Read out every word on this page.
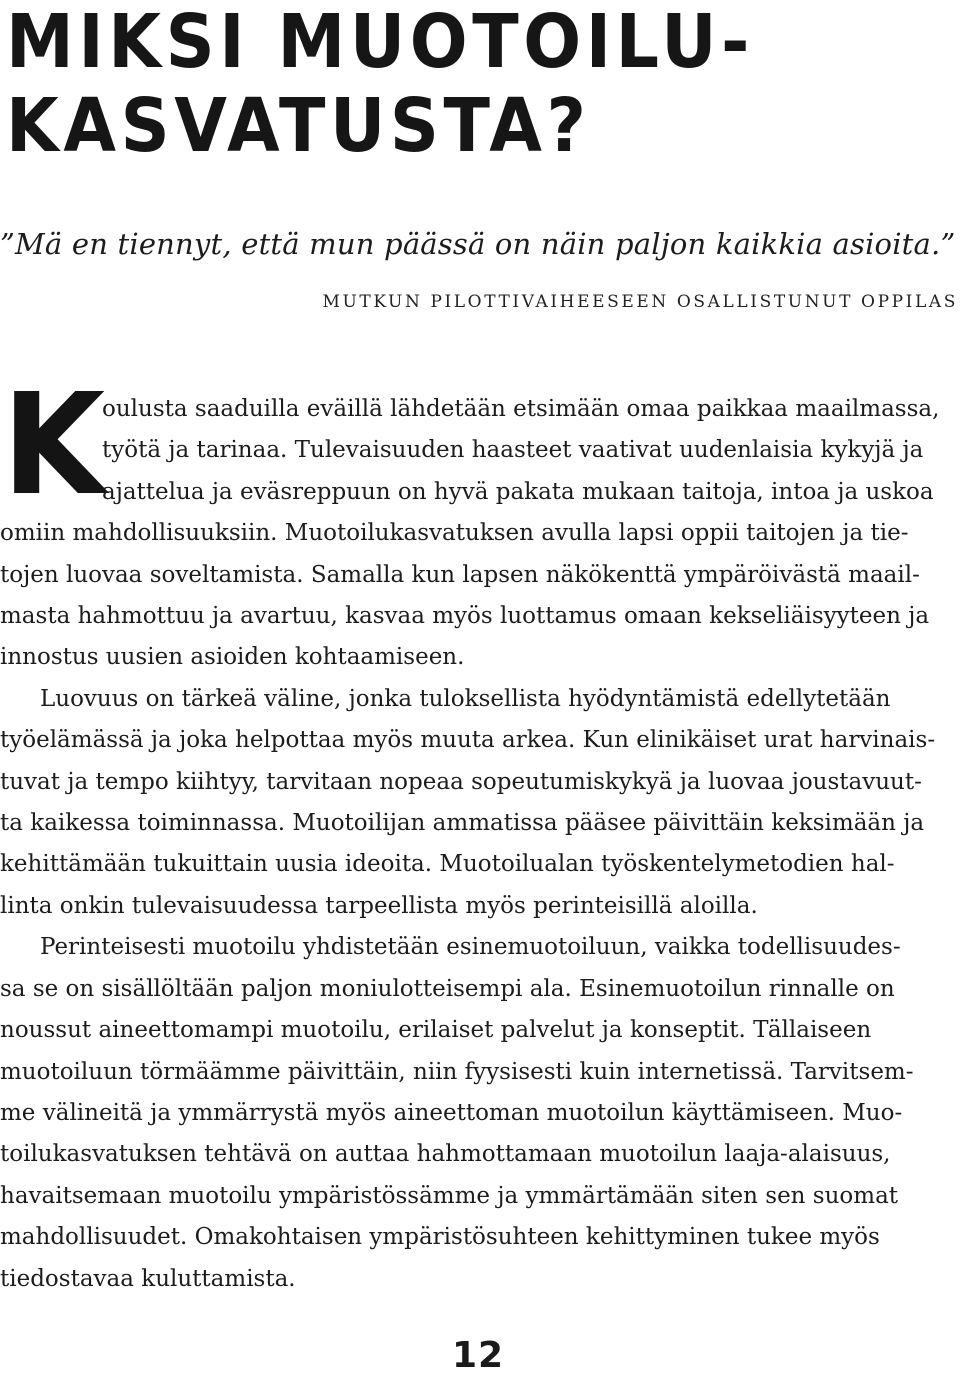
MIKSI MUOTOILU-
KASVATUSTA?

”Mä en tiennyt, että mun päässä on näin paljon kaikkia asioita.”

MUTKUN PILOTTIVAIHEESEEN OSALLISTUNUT OPPILAS

K
oulusta saaduilla eväillä lähdetään etsimään omaa paikkaa maailmassa,
työtä ja tarinaa. Tulevaisuuden haasteet vaativat uudenlaisia kykyjä ja
ajattelua ja eväsreppuun on hyvä pakata mukaan taitoja, intoa ja uskoa
omiin mahdollisuuksiin. Muotoilukasvatuksen avulla lapsi oppii taitojen ja tie-
tojen luovaa soveltamista. Samalla kun lapsen näkökenttä ympäröivästä maail-
masta hahmottuu ja avartuu, kasvaa myös luottamus omaan kekseliäisyyteen ja
innostus uusien asioiden kohtaamiseen.
Luovuus on tärkeä väline, jonka tuloksellista hyödyntämistä edellytetään
työelämässä ja joka helpottaa myös muuta arkea. Kun elinikäiset urat harvinais-
tuvat ja tempo kiihtyy, tarvitaan nopeaa sopeutumiskykyä ja luovaa joustavuut-
ta kaikessa toiminnassa. Muotoilijan ammatissa pääsee päivittäin keksimään ja
kehittämään tukuittain uusia ideoita. Muotoilualan työskentelymetodien hal-
linta onkin tulevaisuudessa tarpeellista myös perinteisillä aloilla.
Perinteisesti muotoilu yhdistetään esinemuotoiluun, vaikka todellisuudes-
sa se on sisällöltään paljon moniulotteisempi ala. Esinemuotoilun rinnalle on
noussut aineettomampi muotoilu, erilaiset palvelut ja konseptit. Tällaiseen
muotoiluun törmäämme päivittäin, niin fyysisesti kuin internetissä. Tarvitsem-
me välineitä ja ymmärrystä myös aineettoman muotoilun käyttämiseen. Muo-
toilukasvatuksen tehtävä on auttaa hahmottamaan muotoilun laaja-alaisuus,
havaitsemaan muotoilu ympäristössämme ja ymmärtämään siten sen suomat
mahdollisuudet. Omakohtaisen ympäristösuhteen kehittyminen tukee myös
tiedostavaa kuluttamista.
12
